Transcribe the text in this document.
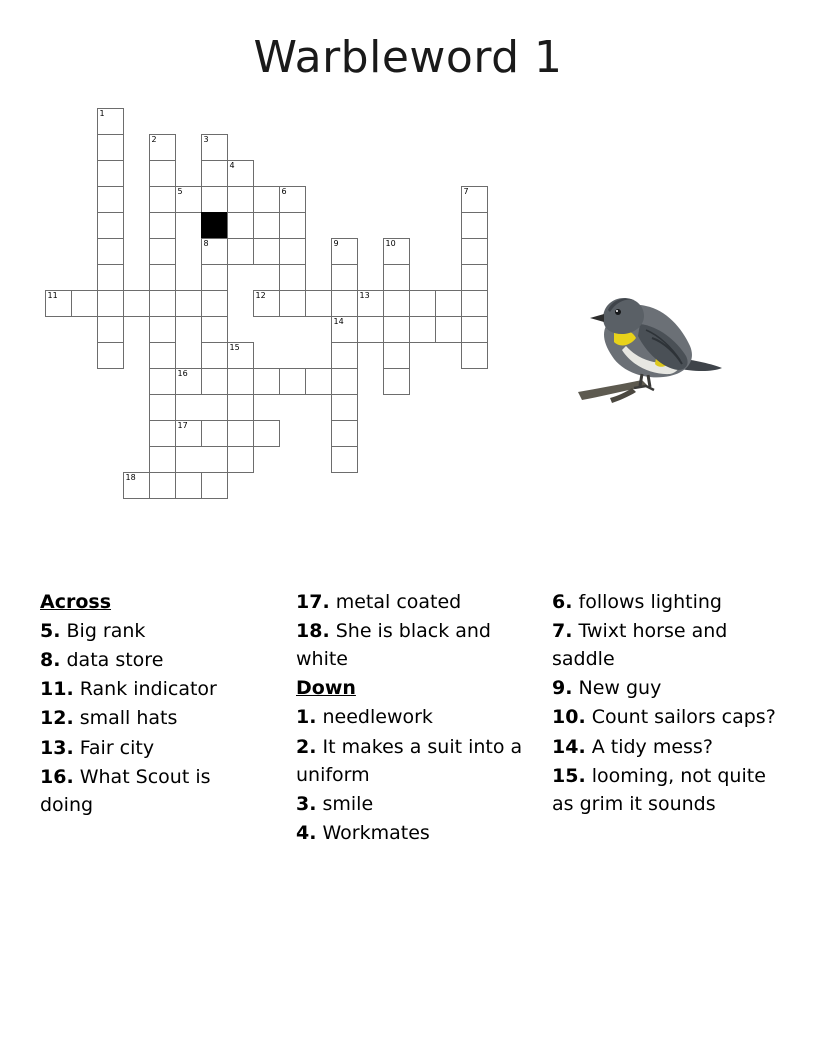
Warbleword 1
1
2	3
4
5	6	7
8	9	10
11	12	13
14
15
16
17
18
Across
5. Big rank
8. data store
11. Rank indicator
12. small hats
13. Fair city
16. What Scout is doing
17. metal coated
18. She is black and white
Down
1. needlework
2. It makes a suit into a uniform
3. smile
4. Workmates
6. follows lighting
7. Twixt horse and saddle
9. New guy
10. Count sailors caps?
14. A tidy mess?
15. looming, not quite as grim it sounds
